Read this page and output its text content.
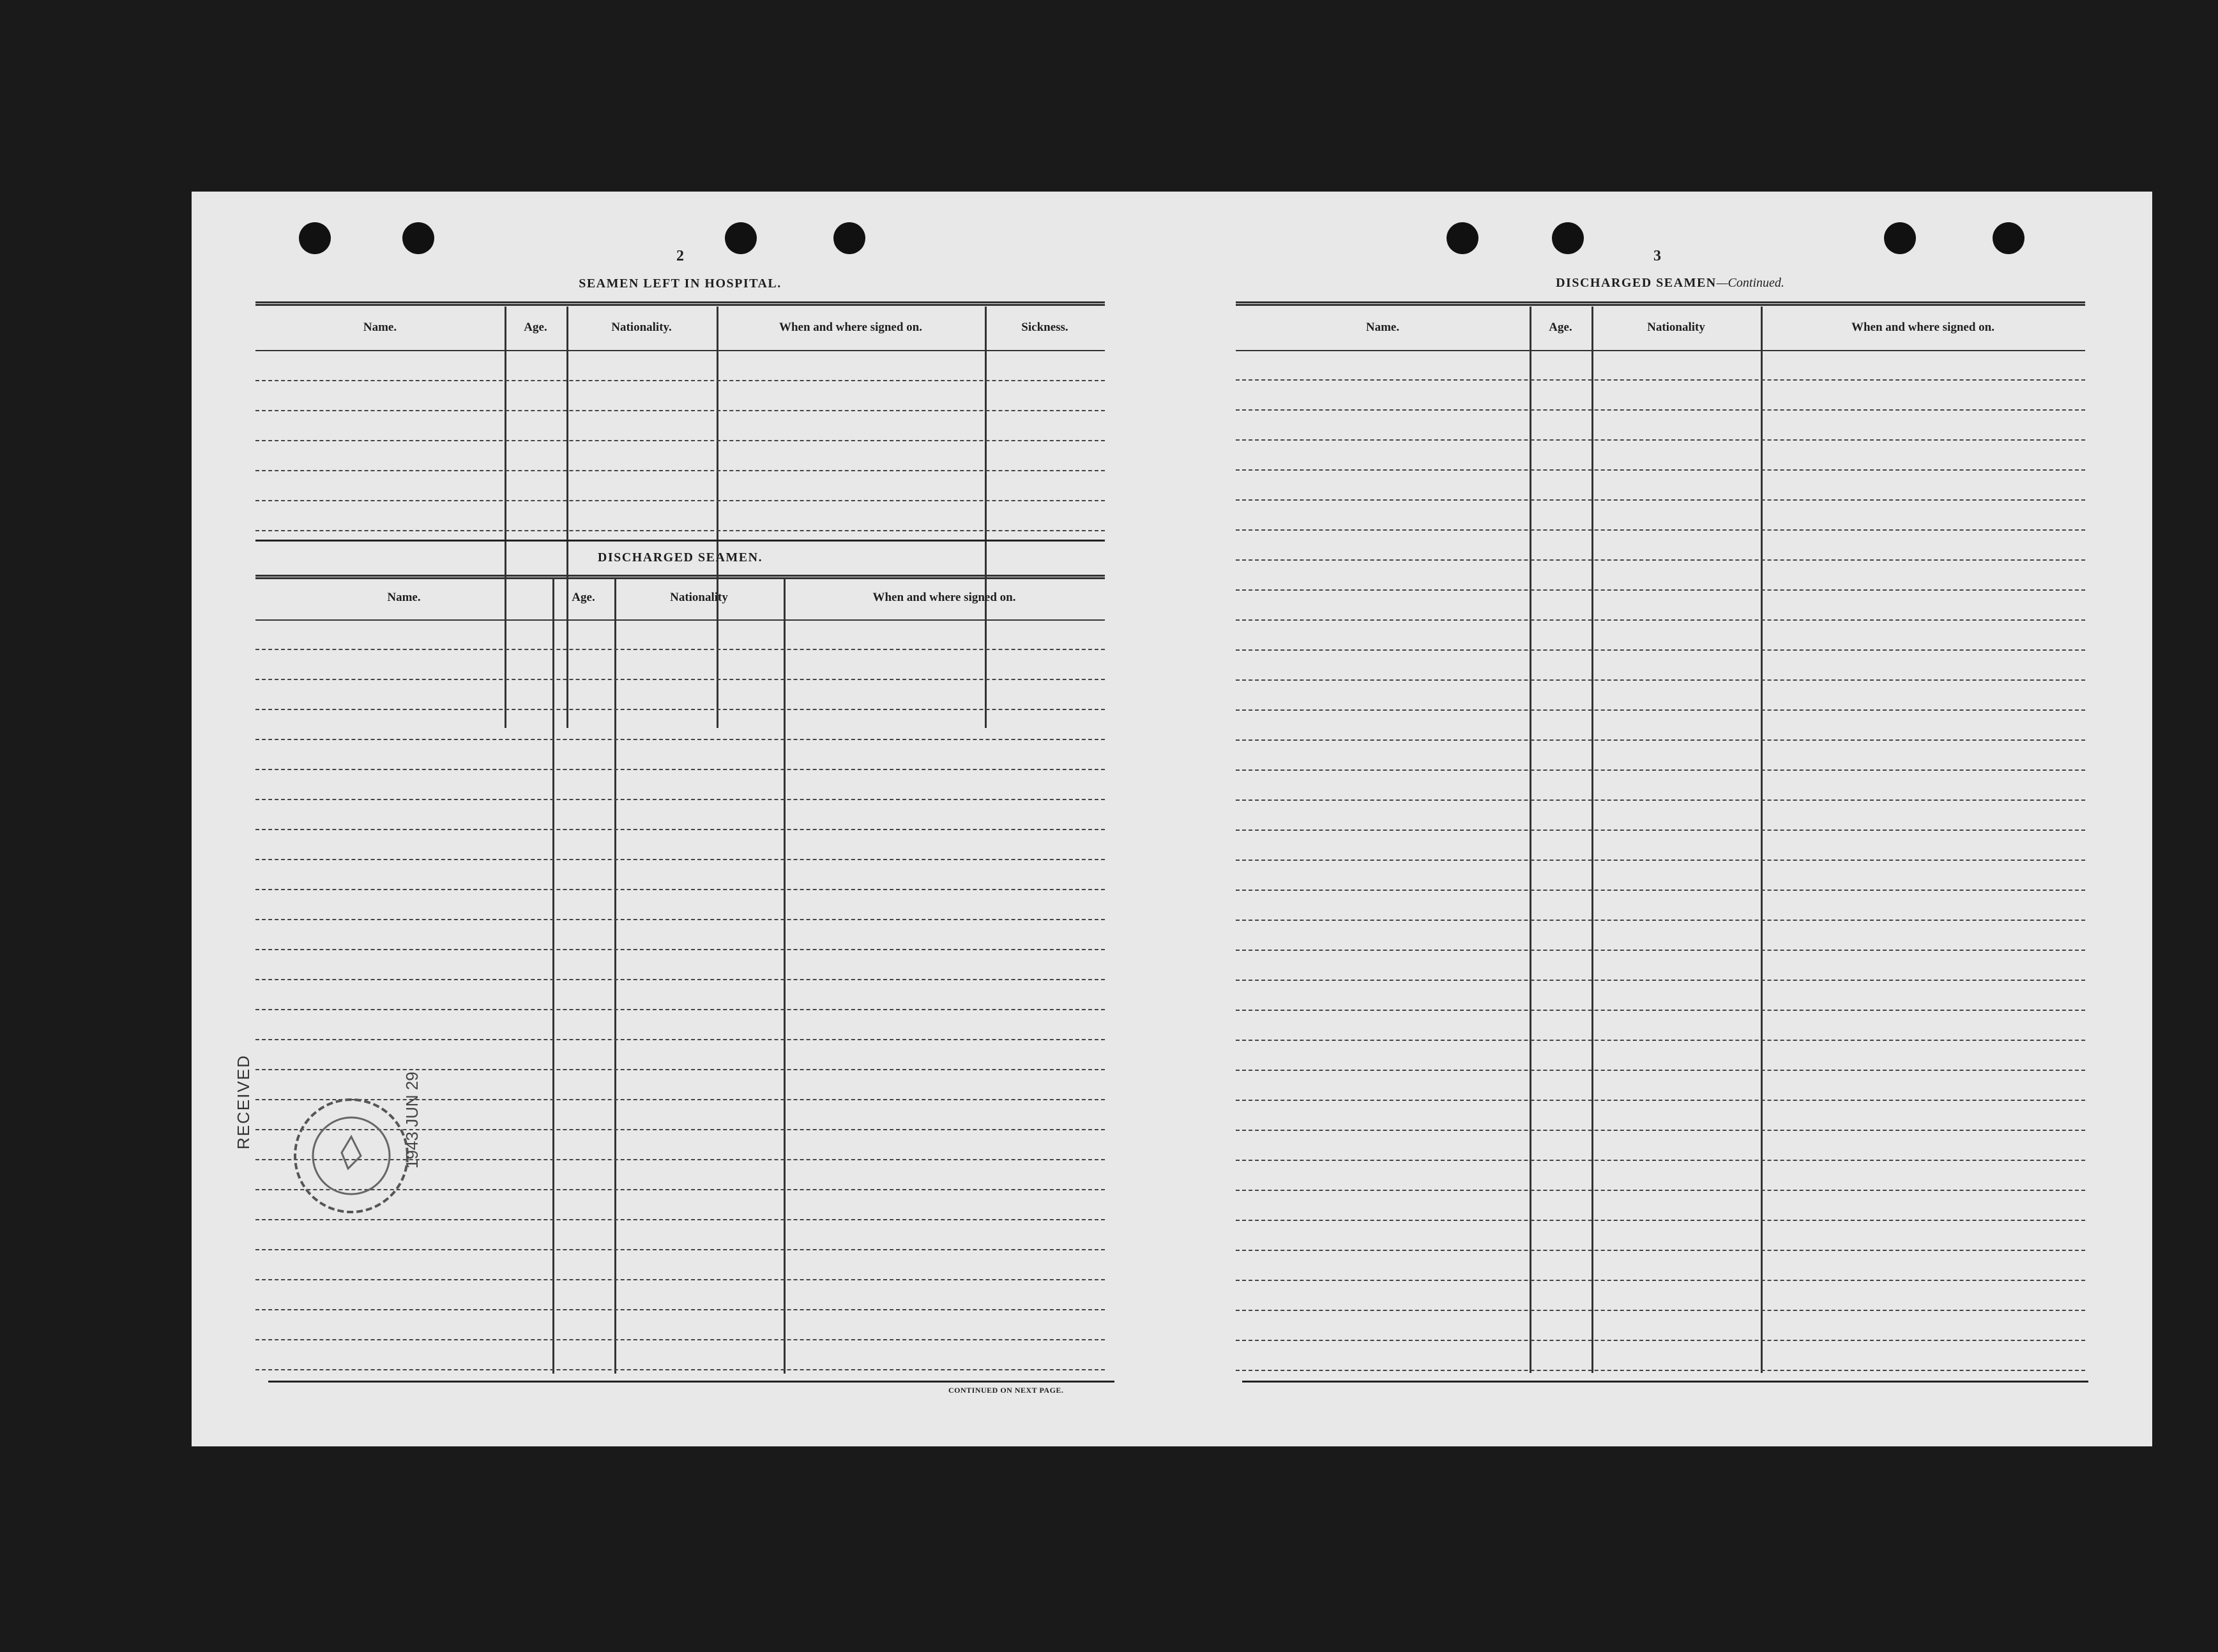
2
SEAMEN LEFT IN HOSPITAL.
Name.	Age.	Nationality.	When and where signed on.	Sickness.
DISCHARGED SEAMEN.
Name.	Age.	Nationality	When and where signed on.
CONTINUED ON NEXT PAGE.
RECEIVED	1943 JUN 29
3
DISCHARGED SEAMEN—Continued.
Name.	Age.	Nationality	When and where signed on.
